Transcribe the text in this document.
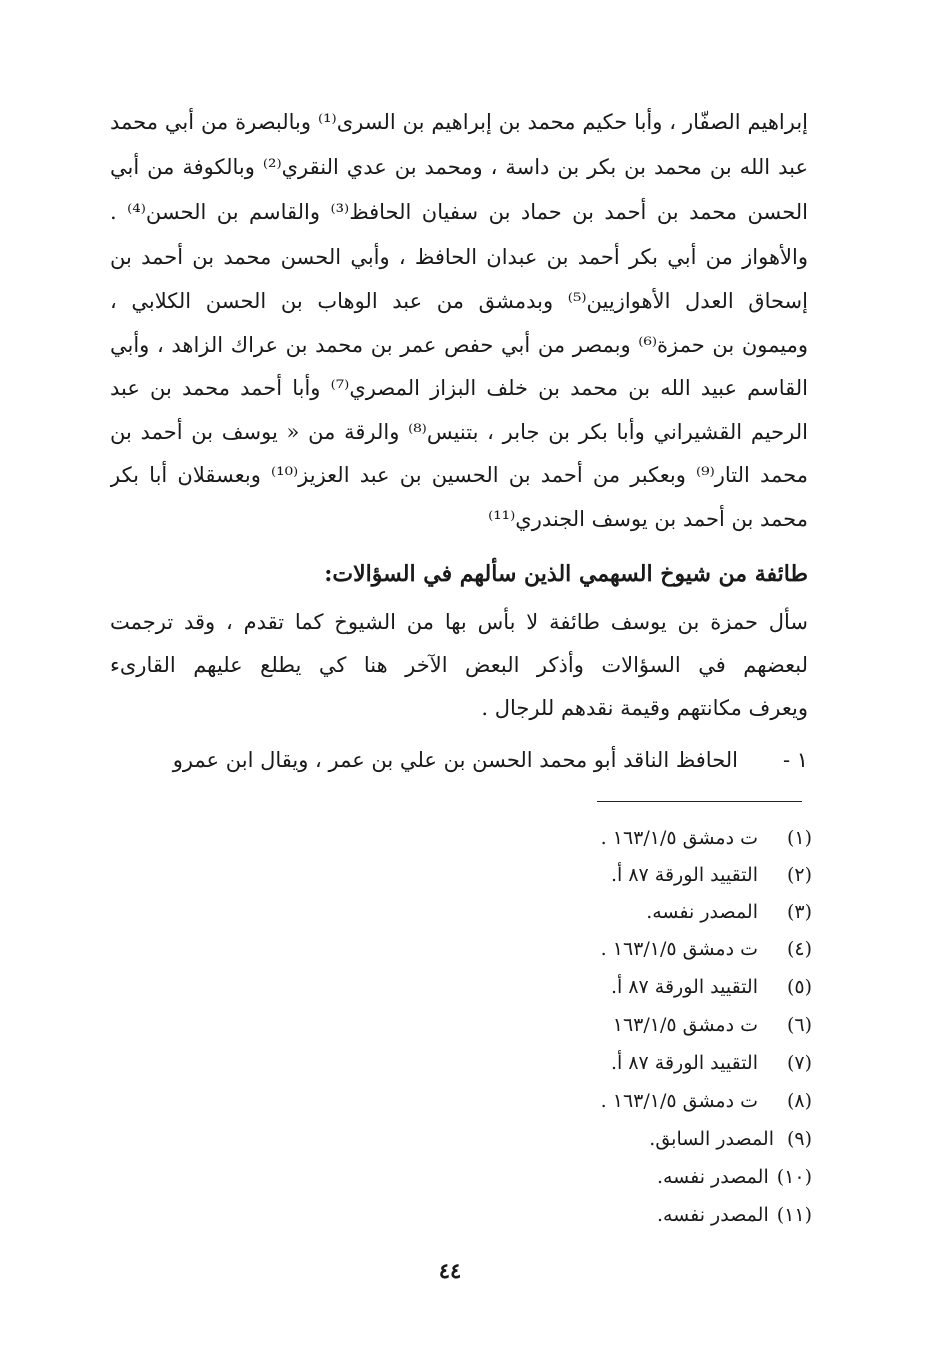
إبراهيم الصفّار ، وأبا حكيم محمد بن إبراهيم بن السرى⁽¹⁾ وبالبصرة من أبي محمد
عبد الله بن محمد بن بكر بن داسة ، ومحمد بن عدي النقري⁽²⁾ وبالكوفة من أبي
الحسن محمد بن أحمد بن حماد بن سفيان الحافظ⁽³⁾ والقاسم بن الحسن⁽⁴⁾ .
والأهواز من أبي بكر أحمد بن عبدان الحافظ ، وأبي الحسن محمد بن أحمد بن
إسحاق العدل الأهوازيين⁽⁵⁾ وبدمشق من عبد الوهاب بن الحسن الكلابي ،
وميمون بن حمزة⁽⁶⁾ وبمصر من أبي حفص عمر بن محمد بن عراك الزاهد ، وأبي
القاسم عبيد الله بن محمد بن خلف البزاز المصري⁽⁷⁾ وأبا أحمد محمد بن عبد
الرحيم القشيراني وأبا بكر بن جابر ، بتنيس⁽⁸⁾ والرقة من « يوسف بن أحمد بن
محمد التار⁽⁹⁾ وبعكبر من أحمد بن الحسين بن عبد العزيز⁽¹⁰⁾ وبعسقلان أبا بكر
محمد بن أحمد بن يوسف الجندري⁽¹¹⁾
طائفة من شيوخ السهمي الذين سألهم في السؤالات:
سأل حمزة بن يوسف طائفة لا بأس بها من الشيوخ كما تقدم ، وقد ترجمت
لبعضهم في السؤالات وأذكر البعض الآخر هنا كي يطلع عليهم القارىء
ويعرف مكانتهم وقيمة نقدهم للرجال .
١ -الحافظ الناقد أبو محمد الحسن بن علي بن عمر ، ويقال ابن عمرو
(١)ت دمشق ١٦٣/١/٥ .
(٢)التقييد الورقة ٨٧ أ.
(٣)المصدر نفسه.
(٤)ت دمشق ١٦٣/١/٥ .
(٥)التقييد الورقة ٨٧ أ.
(٦)ت دمشق ١٦٣/١/٥
(٧)التقييد الورقة ٨٧ أ.
(٨)ت دمشق ١٦٣/١/٥ .
(٩)المصدر السابق.
(١٠)المصدر نفسه.
(١١)المصدر نفسه.
٤٤
